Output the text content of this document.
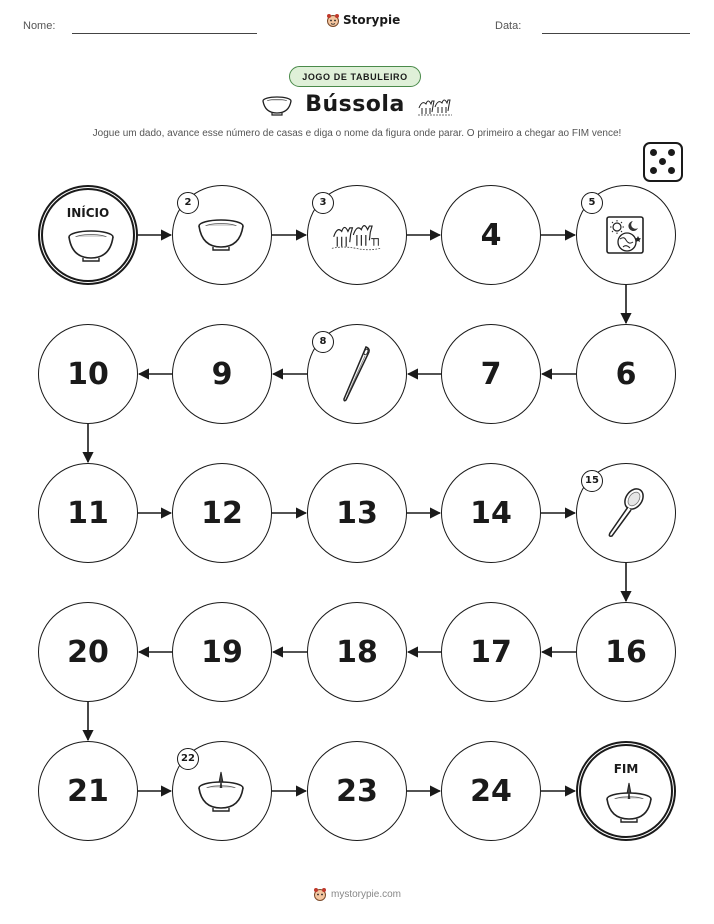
Nome:	Storypie	Data:
JOGO DE TABULEIRO
Bússola
Jogue um dado, avance esse número de casas e diga o nome da figura onde parar. O primeiro a chegar ao FIM vence!
INÍCIO
2	3
4
5
6
7
8
9
10
11	12	13	14
15
16
17
18
19
20
21
22
23	24
FIM
mystorypie.com
